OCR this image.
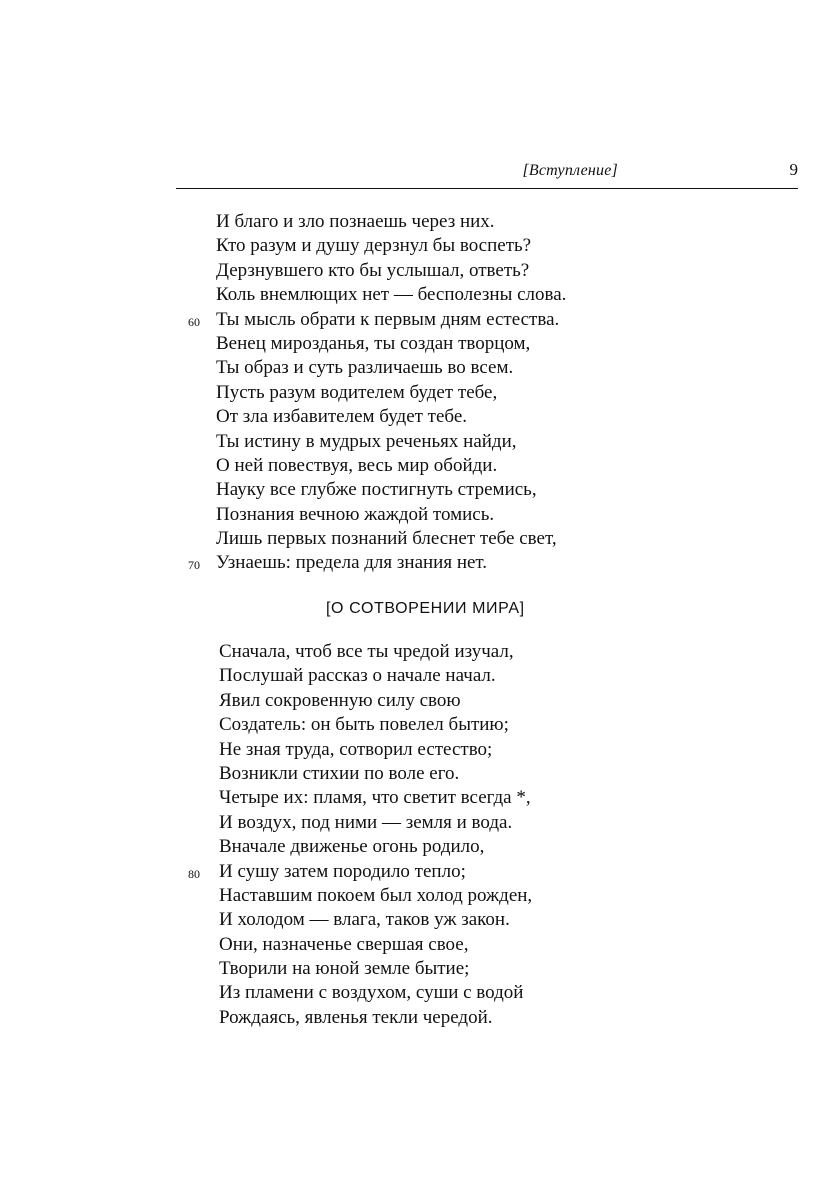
[Вступление]	9
И благо и зло познаешь через них.
Кто разум и душу дерзнул бы воспеть?
Дерзнувшего кто бы услышал, ответь?
Коль внемлющих нет — бесполезны слова.
60 Ты мысль обрати к первым дням естества.
Венец мирозданья, ты создан творцом,
Ты образ и суть различаешь во всем.
Пусть разум водителем будет тебе,
От зла избавителем будет тебе.
Ты истину в мудрых реченьях найди,
О ней повествуя, весь мир обойди.
Науку все глубже постигнуть стремись,
Познания вечною жаждой томись.
Лишь первых познаний блеснет тебе свет,
70 Узнаешь: предела для знания нет.
[О СОТВОРЕНИИ МИРА]
Сначала, чтоб все ты чредой изучал,
Послушай рассказ о начале начал.
Явил сокровенную силу свою
Создатель: он быть повелел бытию;
Не зная труда, сотворил естество;
Возникли стихии по воле его.
Четыре их: пламя, что светит всегда *,
И воздух, под ними — земля и вода.
Вначале движенье огонь родило,
80 И сушу затем породило тепло;
Наставшим покоем был холод рожден,
И холодом — влага, таков уж закон.
Они, назначенье свершая свое,
Творили на юной земле бытие;
Из пламени с воздухом, суши с водой
Рождаясь, явленья текли чередой.
